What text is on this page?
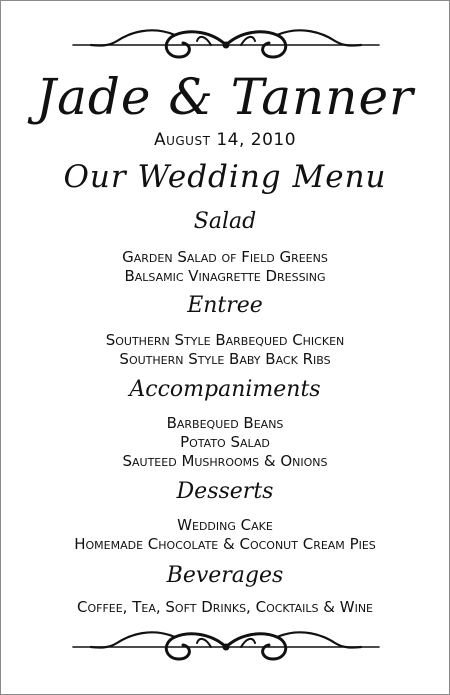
Jade & Tanner
August 14, 2010
Our Wedding Menu
Salad
Garden Salad of Field Greens
Balsamic Vinagrette Dressing
Entree
Southern Style Barbequed Chicken
Southern Style Baby Back Ribs
Accompaniments
Barbequed Beans
Potato Salad
Sauteed Mushrooms & Onions
Desserts
Wedding Cake
Homemade Chocolate & Coconut Cream Pies
Beverages
Coffee, Tea, Soft Drinks, Cocktails & Wine
